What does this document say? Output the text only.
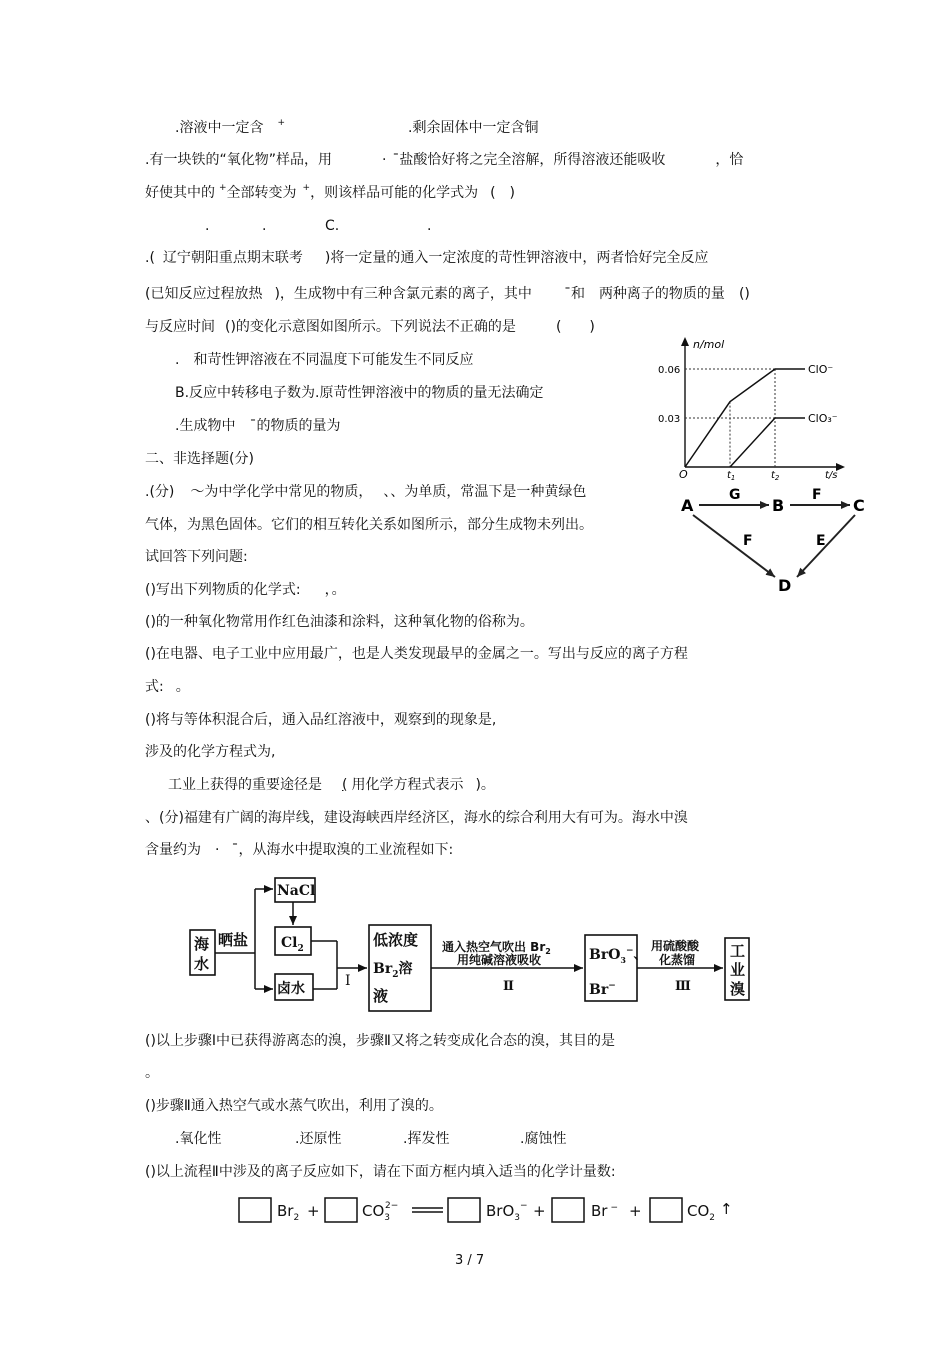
.溶液中一定含 +	.剩余固体中一定含铜
.有一块铁的“氧化物”样品，用	· ¯盐酸恰好将之完全溶解，所得溶液还能吸收	，恰
好使其中的 +全部转变为 +，则该样品可能的化学式为 (　)
.	.	C.	.
.( 辽宁朝阳重点期末联考 )将一定量的通入一定浓度的苛性钾溶液中，两者恰好完全反应
(已知反应过程放热 )，生成物中有三种含氯元素的离子，其中 ¯和 两种离子的物质的量 ()
与反应时间 ()的变化示意图如图所示。下列说法不正确的是	(　　)
.　和苛性钾溶液在不同温度下可能发生不同反应
B.反应中转移电子数为.原苛性钾溶液中的物质的量无法确定
.生成物中 ¯的物质的量为
n/mol
0.06
0.03
O	$t_1$	$t_2$	t/s
ClO⁻
ClO₃⁻
二、非选择题(分)
.(分) ～为中学化学中常见的物质， 、、为单质，常温下是一种黄绿色
气体，为黑色固体。它们的相互转化关系如图所示，部分生成物未列出。
试回答下列问题:
()写出下列物质的化学式: ，。
()的一种氧化物常用作红色油漆和涂料，这种氧化物的俗称为。
()在电器、电子工业中应用最广，也是人类发现最早的金属之一。写出与反应的离子方程
式: 。
()将与等体积混合后，通入品红溶液中，观察到的现象是,
涉及的化学方程式为,
工业上获得的重要途径是 ( 用化学方程式表示 )。
A	B	C
D
G	F
F	E
、(分)福建有广阔的海岸线，建设海峡西岸经济区，海水的综合利用大有可为。海水中溴
含量约为 · ¯，从海水中提取溴的工业流程如下:
海
水
晒盐
NaCl
$Cl_2$
卤水	Ⅰ
低浓度
$Br_2$溶
液
通入热空气吹出 $Br_2$
用纯碱溶液吸收
Ⅱ
BrO$_3$−、
Br−
用硫酸酸
化蒸馏
Ⅲ
工
业
溴
()以上步骤Ⅰ中已获得游离态的溴，步骤Ⅱ又将之转变成化合态的溴，其目的是
。
()步骤Ⅱ通入热空气或水蒸气吹出，利用了溴的。
.氧化性	.还原性	.挥发性	.腐蚀性
()以上流程Ⅱ中涉及的离子反应如下，请在下面方框内填入适当的化学计量数:
$Br_2$ +	$CO_32-$	BrO$_3$− +	Br − +	$CO_2$ ↑
3 / 7
